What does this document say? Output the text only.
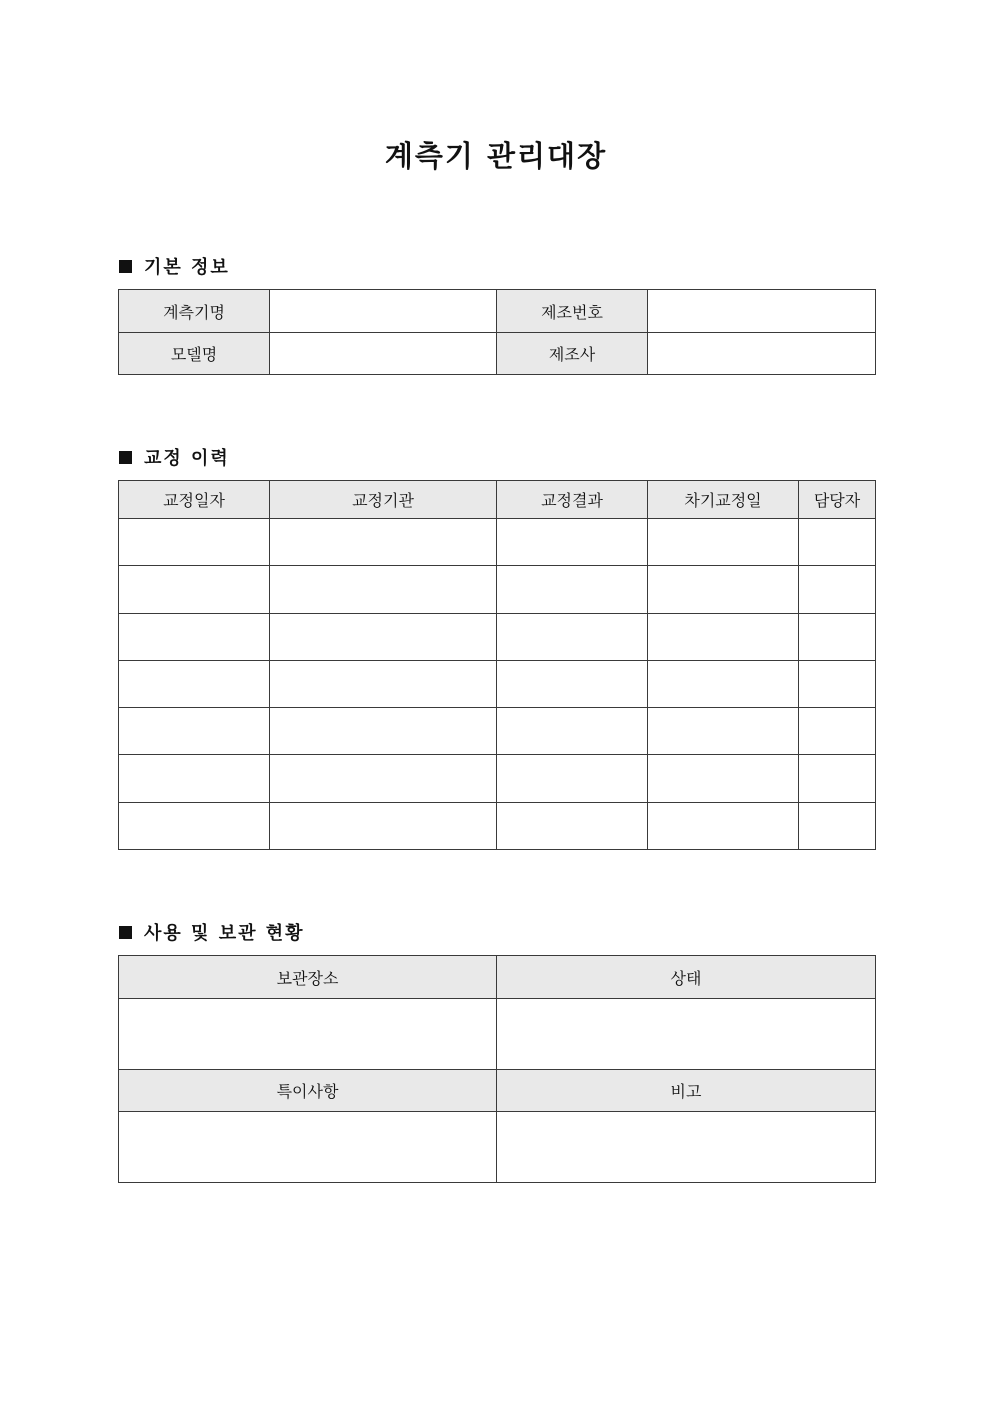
계측기 관리대장
기본 정보
계측기명		제조번호	
모델명		제조사	
교정 이력
교정일자	교정기관	교정결과	차기교정일	담당자

사용 및 보관 현황
보관장소	상태

특이사항	비고
